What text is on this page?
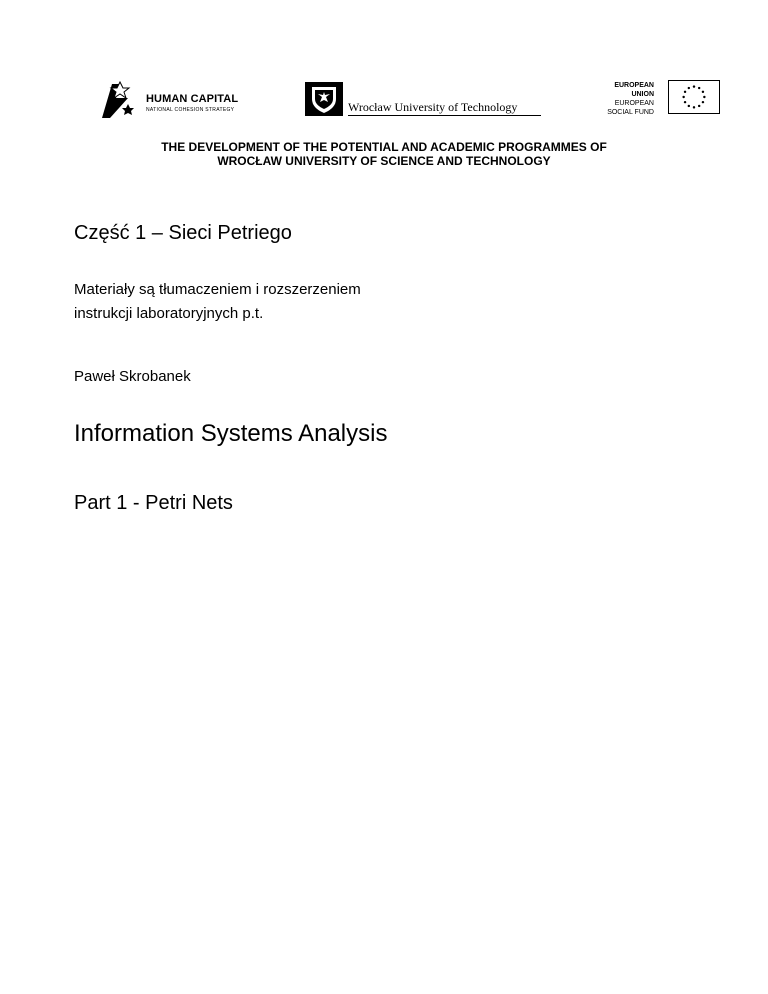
HUMAN CAPITAL
NATIONAL COHESION STRATEGY	Wrocław University of Technology
EUROPEAN
UNION
EUROPEAN
SOCIAL FUND
THE DEVELOPMENT OF THE POTENTIAL AND ACADEMIC PROGRAMMES OF
WROCŁAW UNIVERSITY OF SCIENCE AND TECHNOLOGY
Część 1 – Sieci Petriego
Materiały są tłumaczeniem i rozszerzeniem
instrukcji laboratoryjnych p.t.
Paweł Skrobanek
Information Systems Analysis
Part 1 - Petri Nets
